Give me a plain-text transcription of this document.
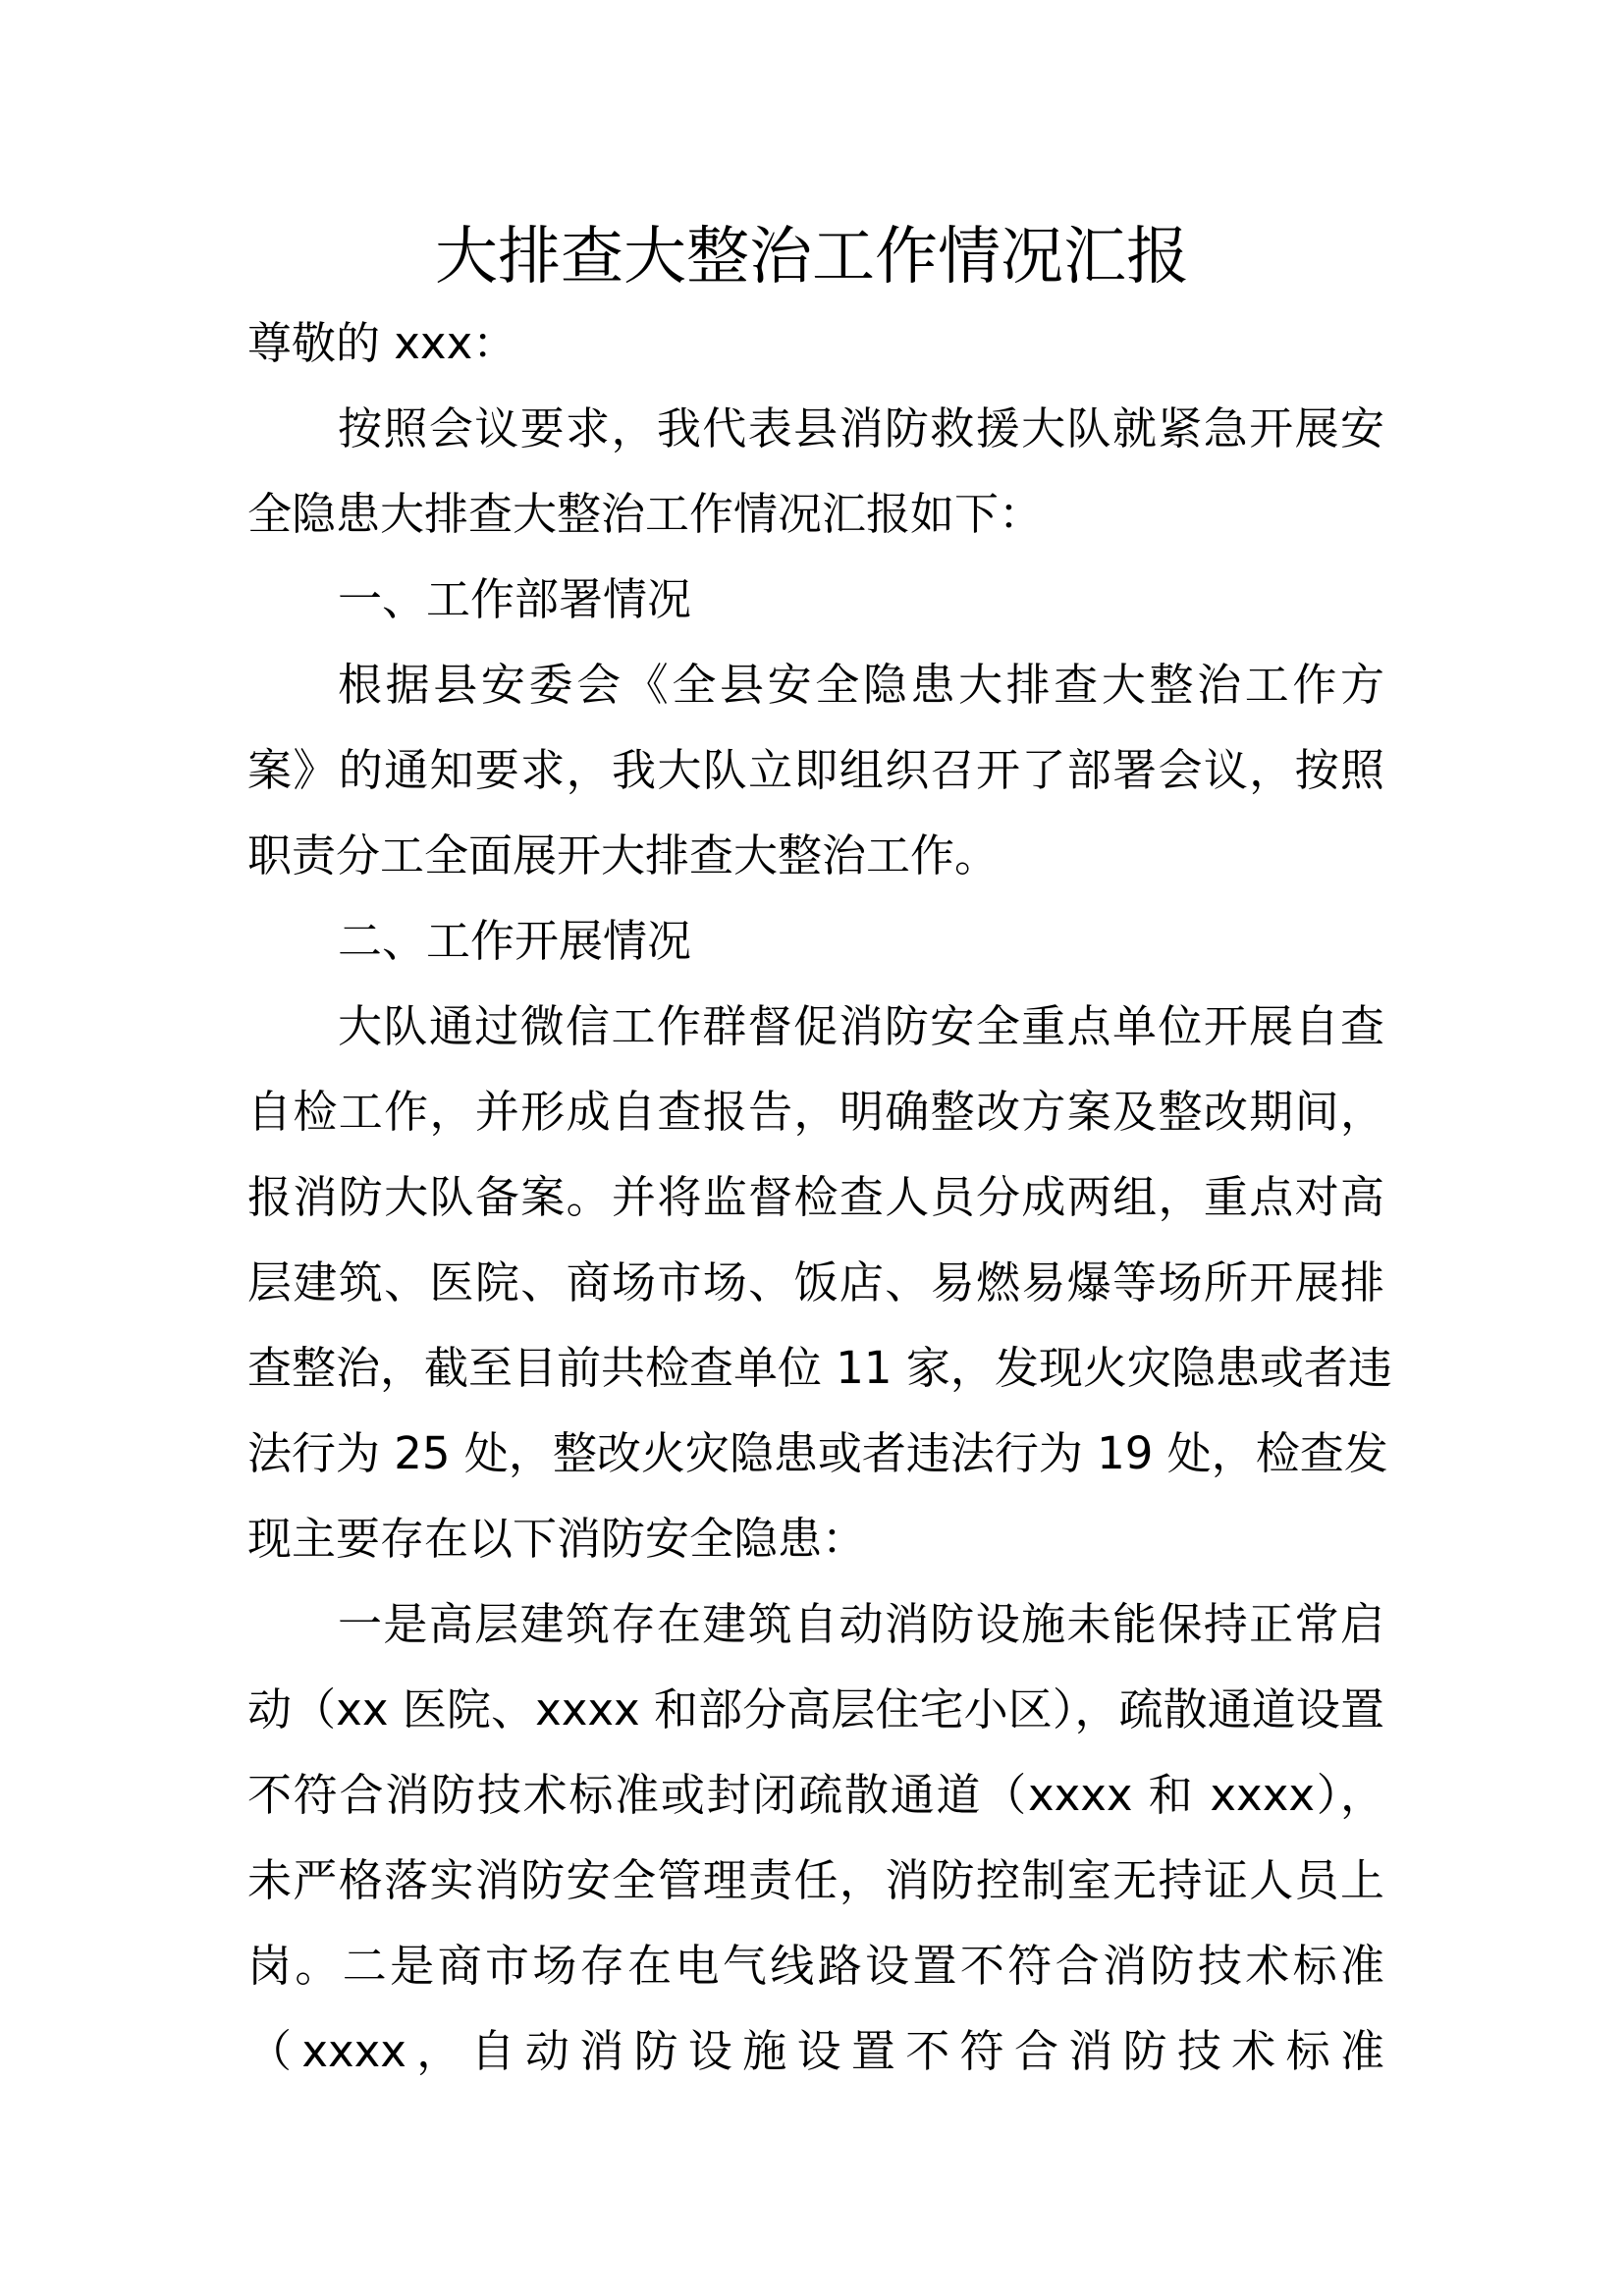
大排查大整治工作情况汇报
尊敬的 xxx：
按照会议要求，我代表县消防救援大队就紧急开展安
全隐患大排查大整治工作情况汇报如下：
一、工作部署情况
根据县安委会《全县安全隐患大排查大整治工作方
案》的通知要求，我大队立即组织召开了部署会议，按照
职责分工全面展开大排查大整治工作。
二、工作开展情况
大队通过微信工作群督促消防安全重点单位开展自查
自检工作，并形成自查报告，明确整改方案及整改期间，
报消防大队备案。并将监督检查人员分成两组，重点对高
层建筑、医院、商场市场、饭店、易燃易爆等场所开展排
查整治，截至目前共检查单位 11 家，发现火灾隐患或者违
法行为 25 处，整改火灾隐患或者违法行为 19 处，检查发
现主要存在以下消防安全隐患：
一是高层建筑存在建筑自动消防设施未能保持正常启
动（xx 医院、xxxx 和部分高层住宅小区），疏散通道设置
不符合消防技术标准或封闭疏散通道（xxxx 和 xxxx），
未严格落实消防安全管理责任，消防控制室无持证人员上
岗。二是商市场存在电气线路设置不符合消防技术标准
（xxxx，自动消防设施设置不符合消防技术标准
